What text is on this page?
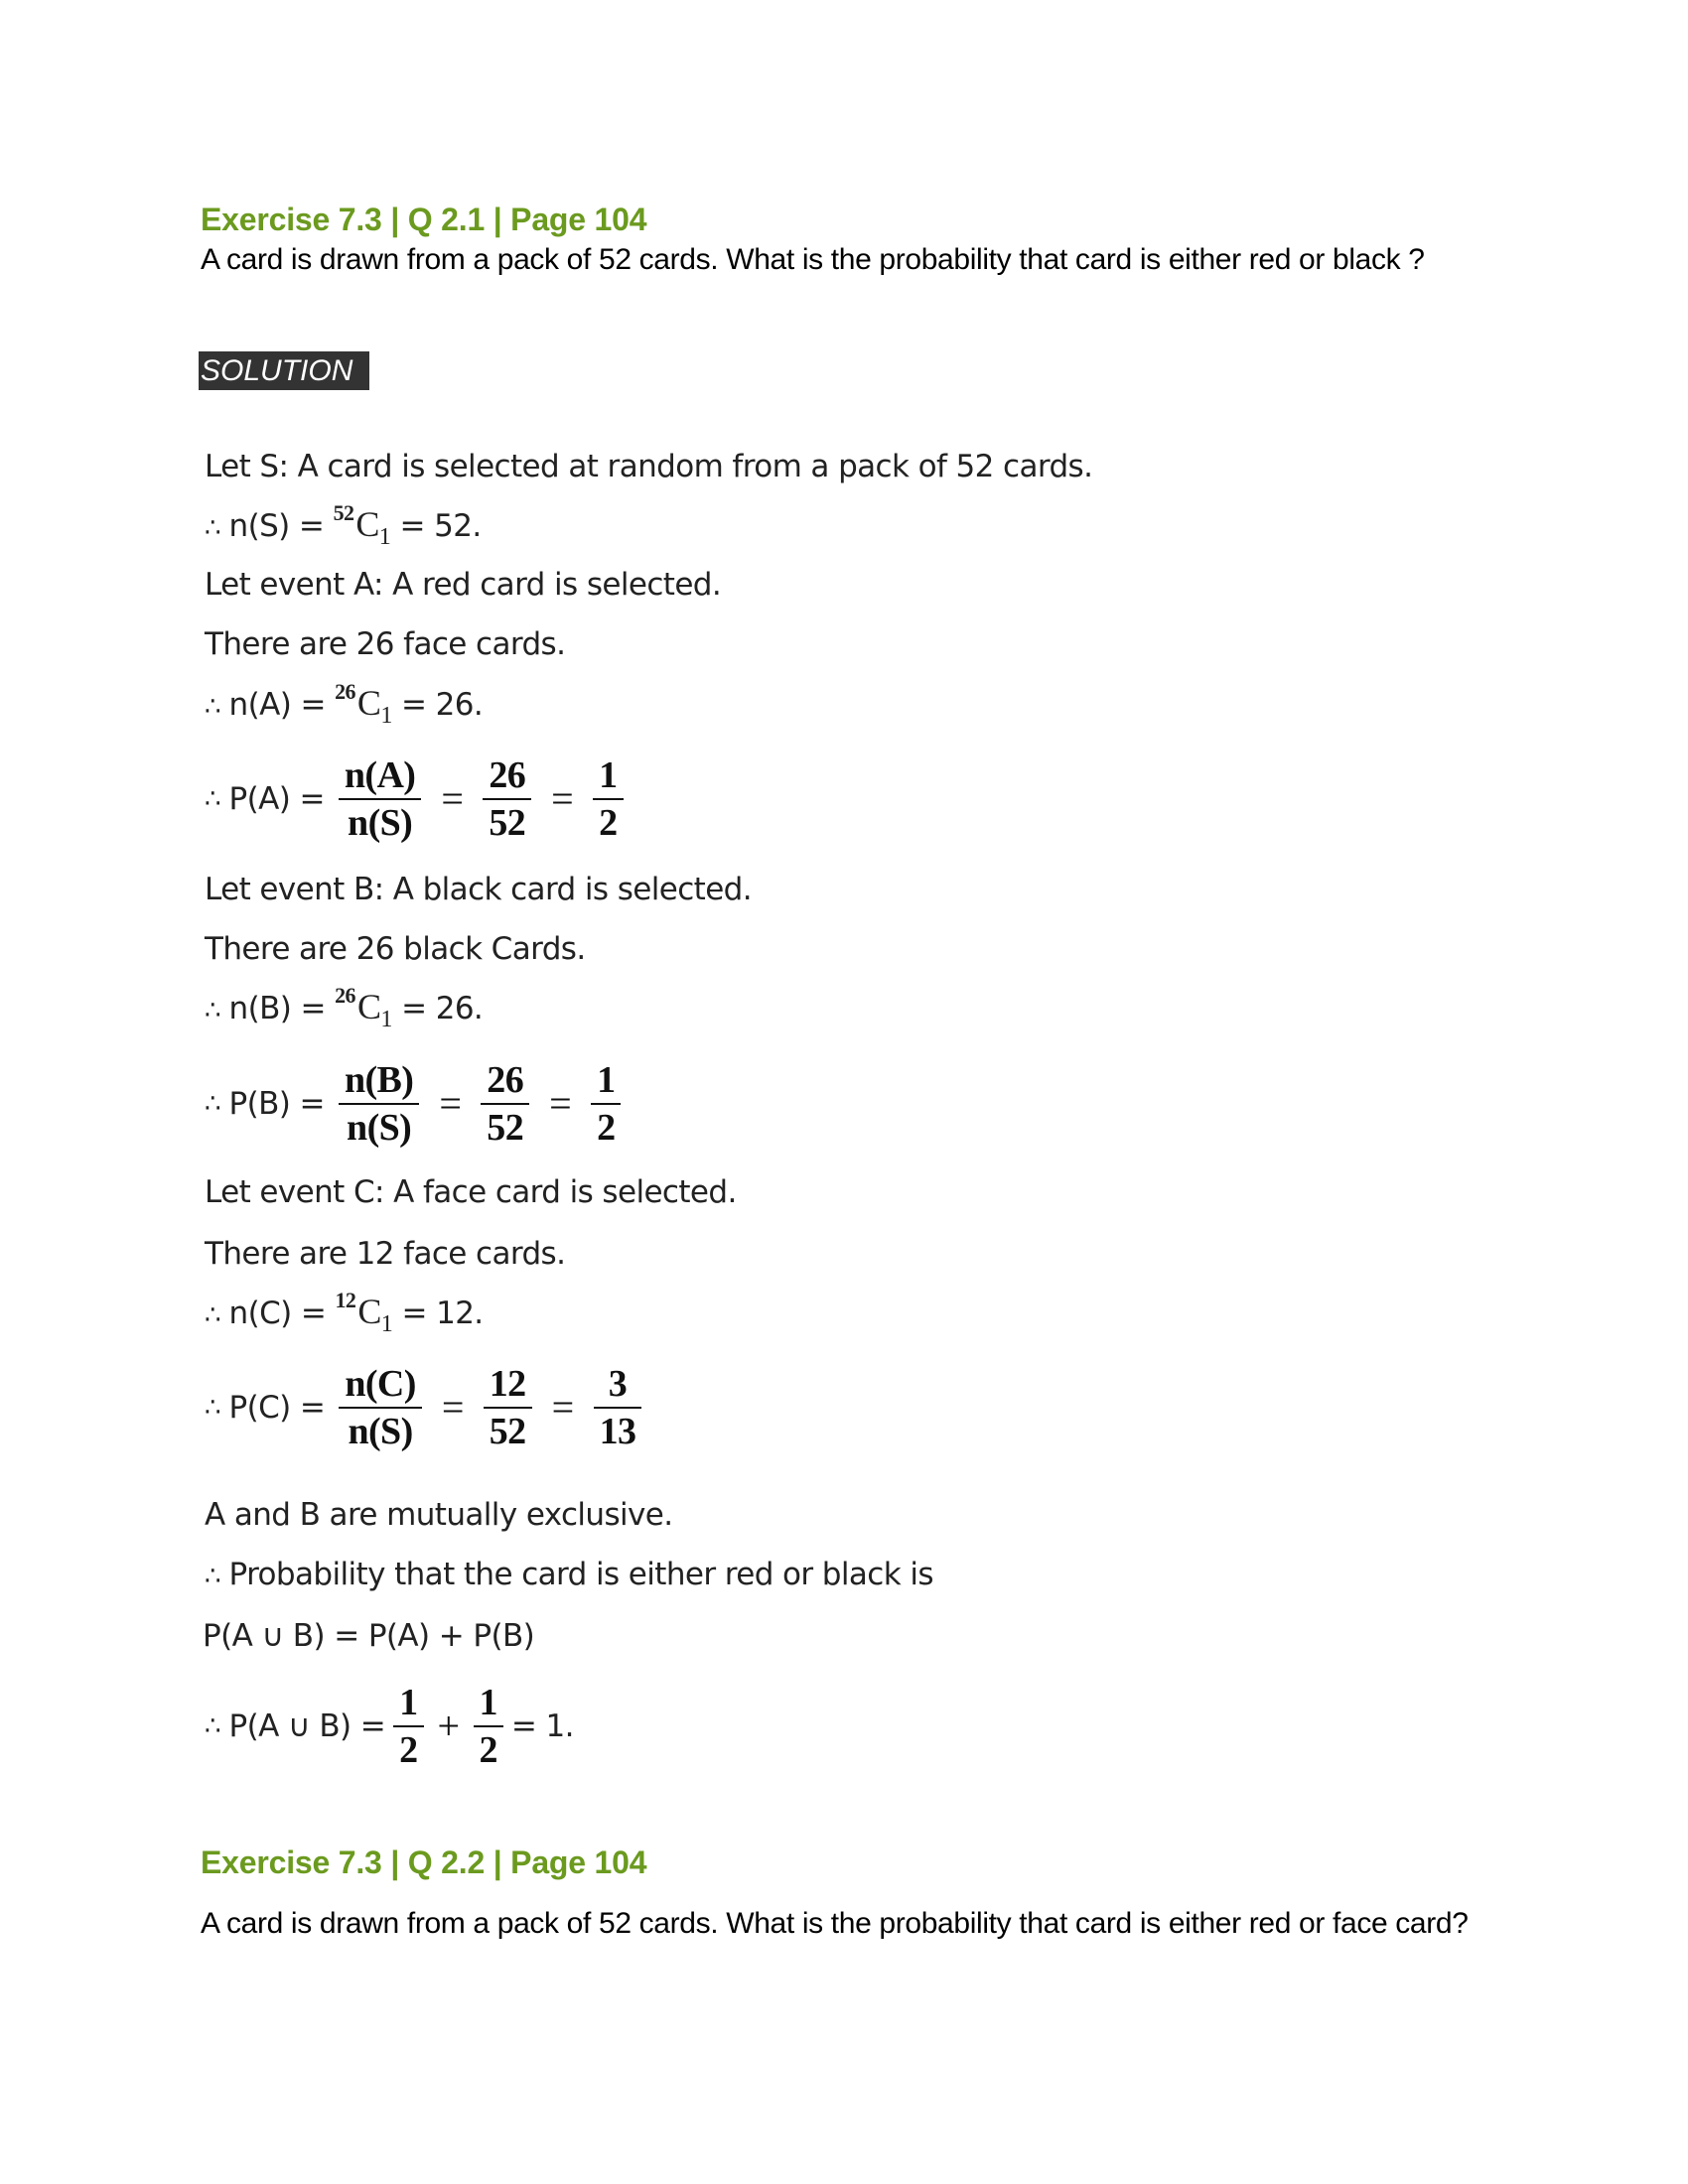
Exercise 7.3 | Q 2.1 | Page 104
A card is drawn from a pack of 52 cards. What is the probability that card is either red or black ?
SOLUTION
Let S: A card is selected at random from a pack of 52 cards.
∴ $n(S) = ^{52}C_1 = 52$.
Let event A: A red card is selected.
There are 26 face cards.
∴ $n(A) = ^{26}C_1 = 26$.
∴ $P(A) = \frac{n(A)}{n(S)} = \frac{26}{52} = \frac{1}{2}$
Let event B: A black card is selected.
There are 26 black Cards.
∴ $n(B) = ^{26}C_1 = 26$.
∴ $P(B) = \frac{n(B)}{n(S)} = \frac{26}{52} = \frac{1}{2}$
Let event C: A face card is selected.
There are 12 face cards.
∴ $n(C) = ^{12}C_1 = 12$.
∴ $P(C) = \frac{n(C)}{n(S)} = \frac{12}{52} = \frac{3}{13}$
A and B are mutually exclusive.
∴ Probability that the card is either red or black is
P(A ∪ B) = P(A) + P(B)
∴ P(A ∪ $B) = \frac{1}{2} + \frac{1}{2} = 1$.
Exercise 7.3 | Q 2.2 | Page 104
A card is drawn from a pack of 52 cards. What is the probability that card is either red or face card?
